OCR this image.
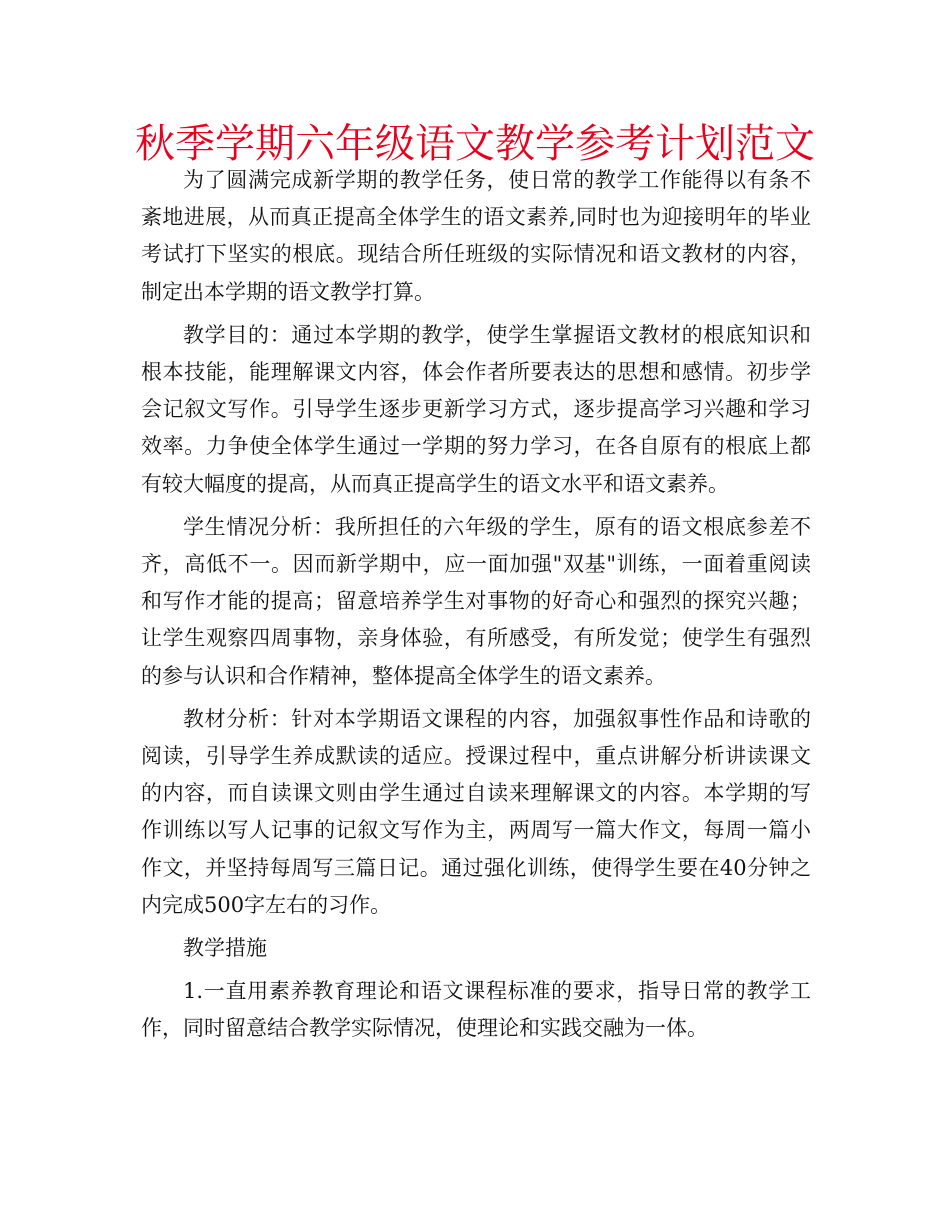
秋季学期六年级语文教学参考计划范文

为了圆满完成新学期的教学任务，使日常的教学工作能得以有条不紊地进展，从而真正提高全体学生的语文素养,同时也为迎接明年的毕业考试打下坚实的根底。现结合所任班级的实际情况和语文教材的内容，制定出本学期的语文教学打算。

教学目的：通过本学期的教学，使学生掌握语文教材的根底知识和根本技能，能理解课文内容，体会作者所要表达的思想和感情。初步学会记叙文写作。引导学生逐步更新学习方式，逐步提高学习兴趣和学习效率。力争使全体学生通过一学期的努力学习，在各自原有的根底上都有较大幅度的提高，从而真正提高学生的语文水平和语文素养。

学生情况分析：我所担任的六年级的学生，原有的语文根底参差不齐，高低不一。因而新学期中，应一面加强"双基"训练，一面着重阅读和写作才能的提高；留意培养学生对事物的好奇心和强烈的探究兴趣；让学生观察四周事物，亲身体验，有所感受，有所发觉；使学生有强烈的参与认识和合作精神，整体提高全体学生的语文素养。

教材分析：针对本学期语文课程的内容，加强叙事性作品和诗歌的阅读，引导学生养成默读的适应。授课过程中，重点讲解分析讲读课文的内容，而自读课文则由学生通过自读来理解课文的内容。本学期的写作训练以写人记事的记叙文写作为主，两周写一篇大作文，每周一篇小作文，并坚持每周写三篇日记。通过强化训练，使得学生要在40分钟之内完成500字左右的习作。

教学措施

1.一直用素养教育理论和语文课程标准的要求，指导日常的教学工作，同时留意结合教学实际情况，使理论和实践交融为一体。
